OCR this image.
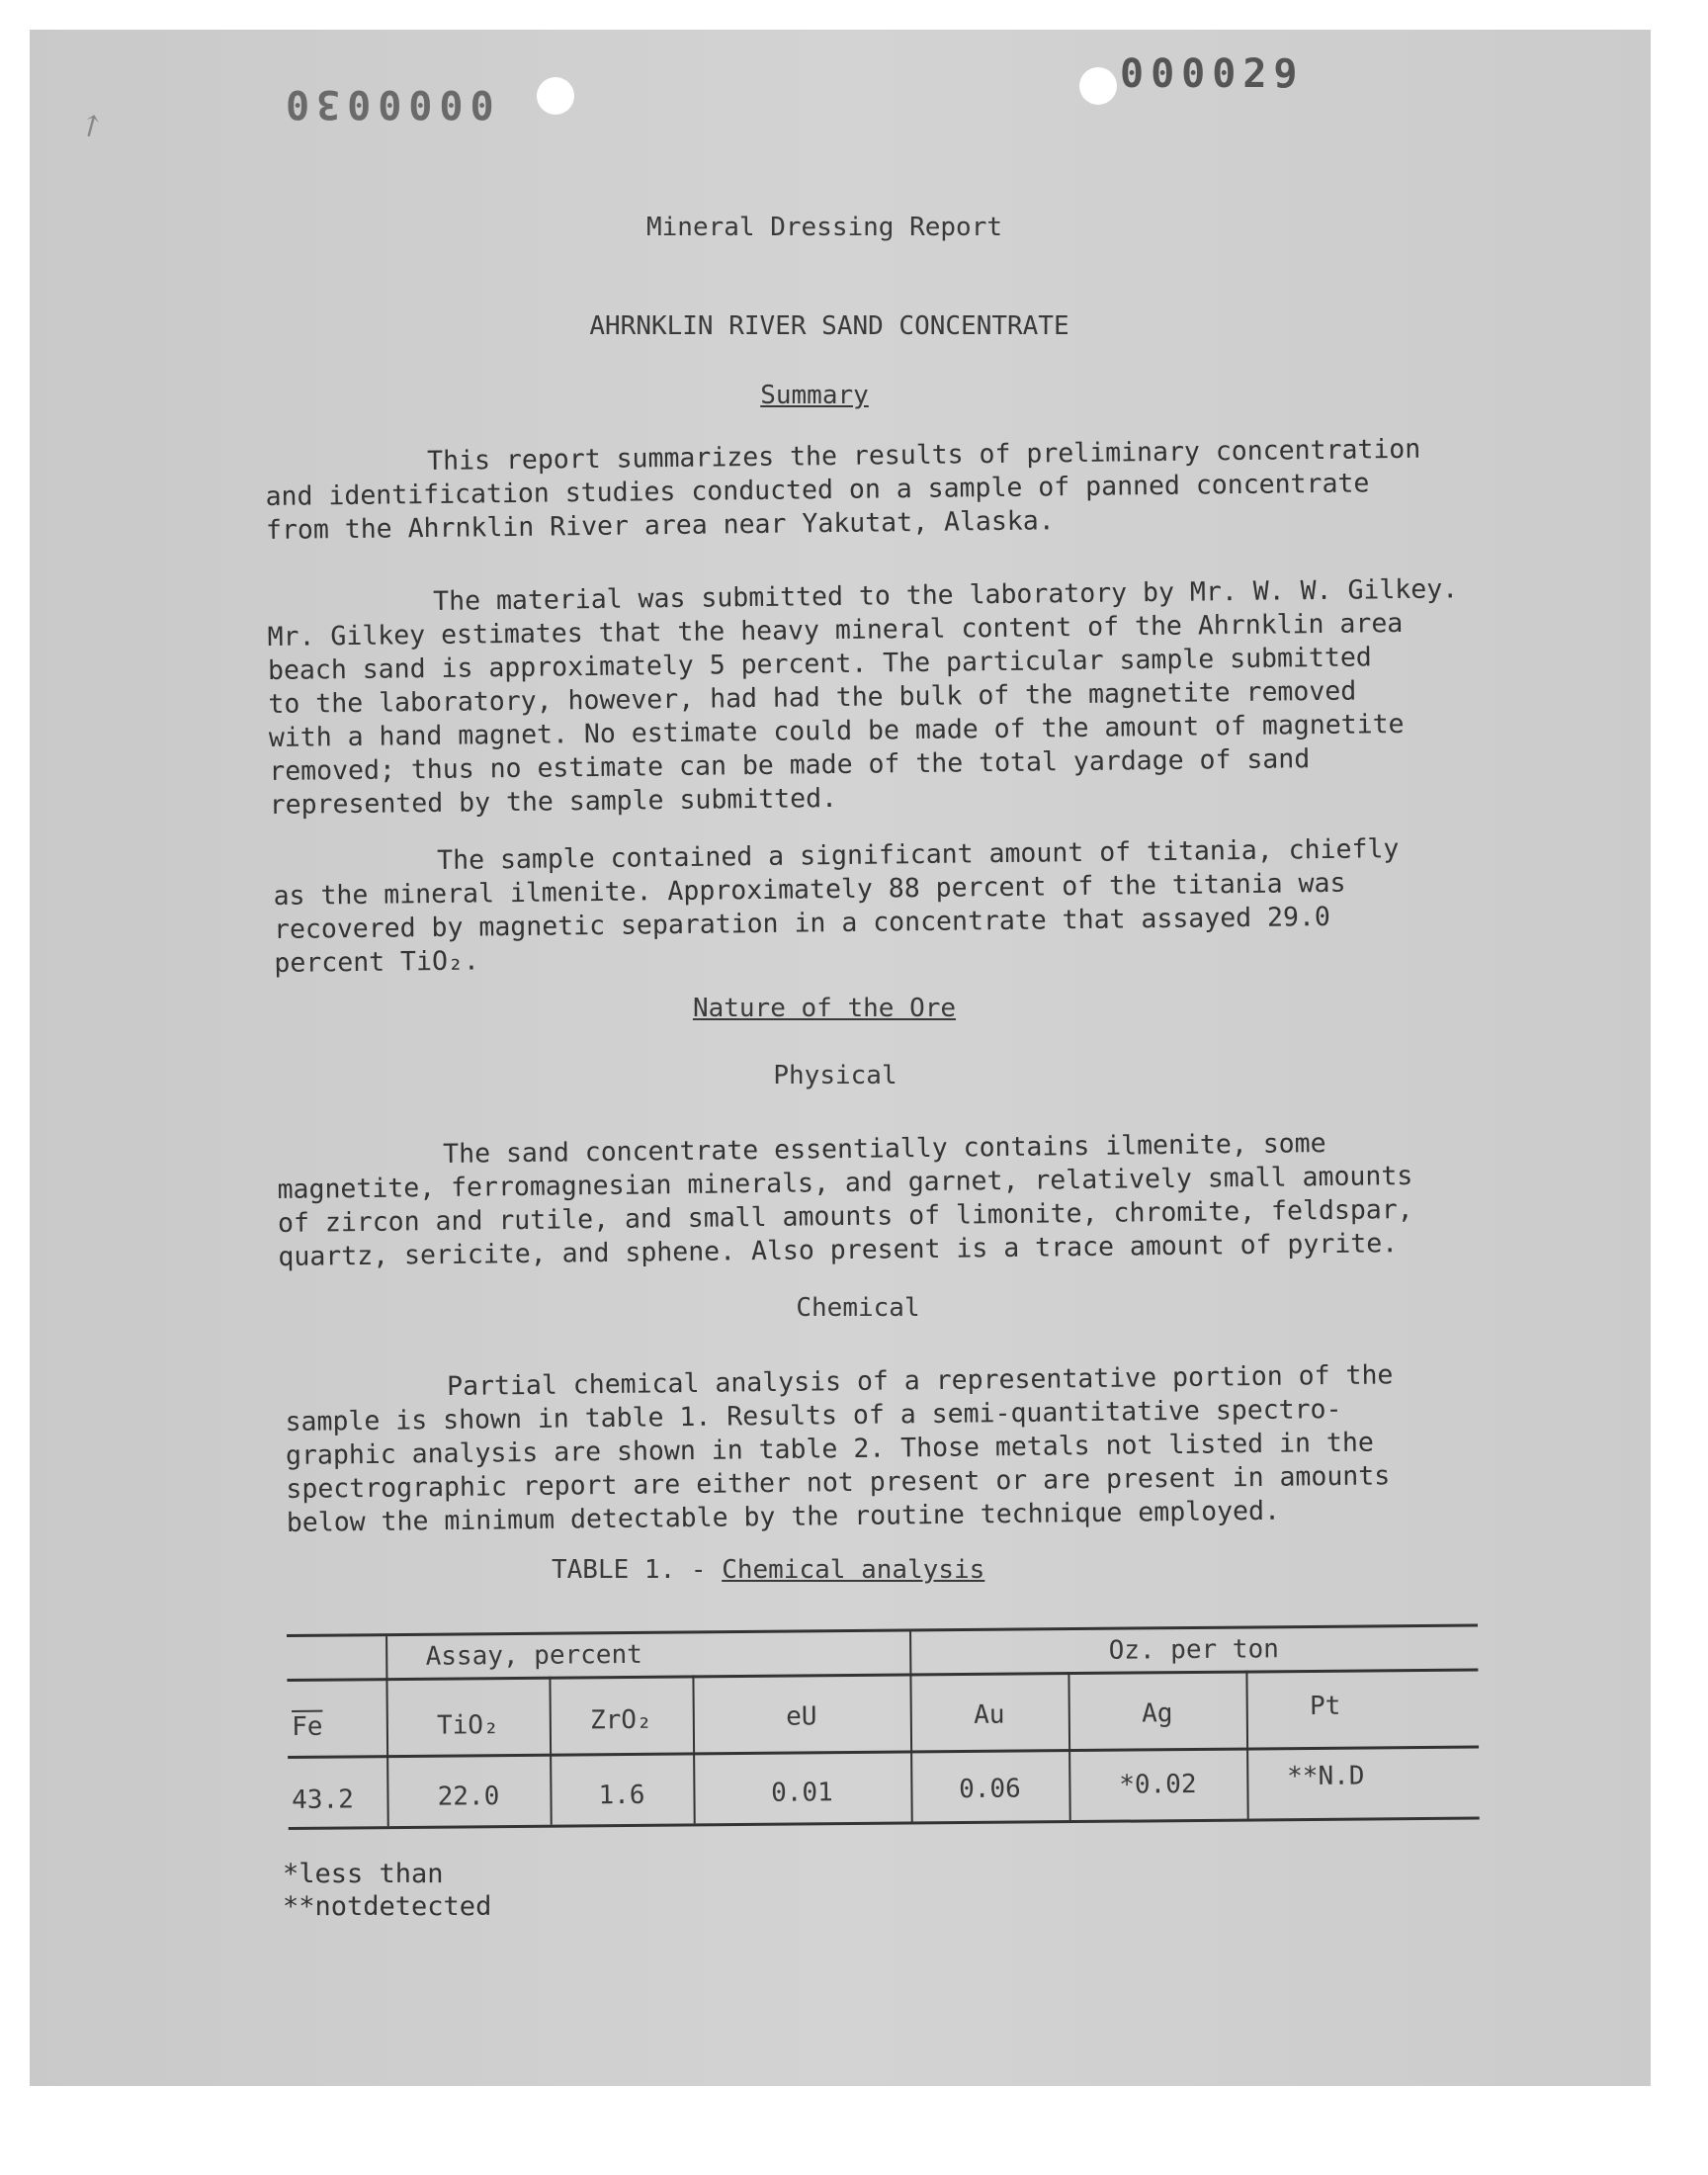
0000030
000029
↗
Mineral Dressing Report
AHRNKLIN RIVER SAND CONCENTRATE
Summary
This report summarizes the results of preliminary concentration
and identification studies conducted on a sample of panned concentrate
from the Ahrnklin River area near Yakutat, Alaska.
The material was submitted to the laboratory by Mr. W. W. Gilkey.
Mr. Gilkey estimates that the heavy mineral content of the Ahrnklin area
beach sand is approximately 5 percent. The particular sample submitted
to the laboratory, however, had had the bulk of the magnetite removed
with a hand magnet. No estimate could be made of the amount of magnetite
removed; thus no estimate can be made of the total yardage of sand
represented by the sample submitted.
The sample contained a significant amount of titania, chiefly
as the mineral ilmenite. Approximately 88 percent of the titania was
recovered by magnetic separation in a concentrate that assayed 29.0
percent TiO₂.
Nature of the Ore
Physical
The sand concentrate essentially contains ilmenite, some
magnetite, ferromagnesian minerals, and garnet, relatively small amounts
of zircon and rutile, and small amounts of limonite, chromite, feldspar,
quartz, sericite, and sphene. Also present is a trace amount of pyrite.
Chemical
Partial chemical analysis of a representative portion of the
sample is shown in table 1. Results of a semi-quantitative spectro-
graphic analysis are shown in table 2. Those metals not listed in the
spectrographic report are either not present or are present in amounts
below the minimum detectable by the routine technique employed.
TABLE 1. - Chemical analysis
Assay, percent	Oz. per ton
$\overline{Fe}$	TiO₂	ZrO₂	eU	Au	Ag	Pt
43.2	22.0	1.6	0.01	0.06	*0.02	**N.D
*less than
**notdetected
